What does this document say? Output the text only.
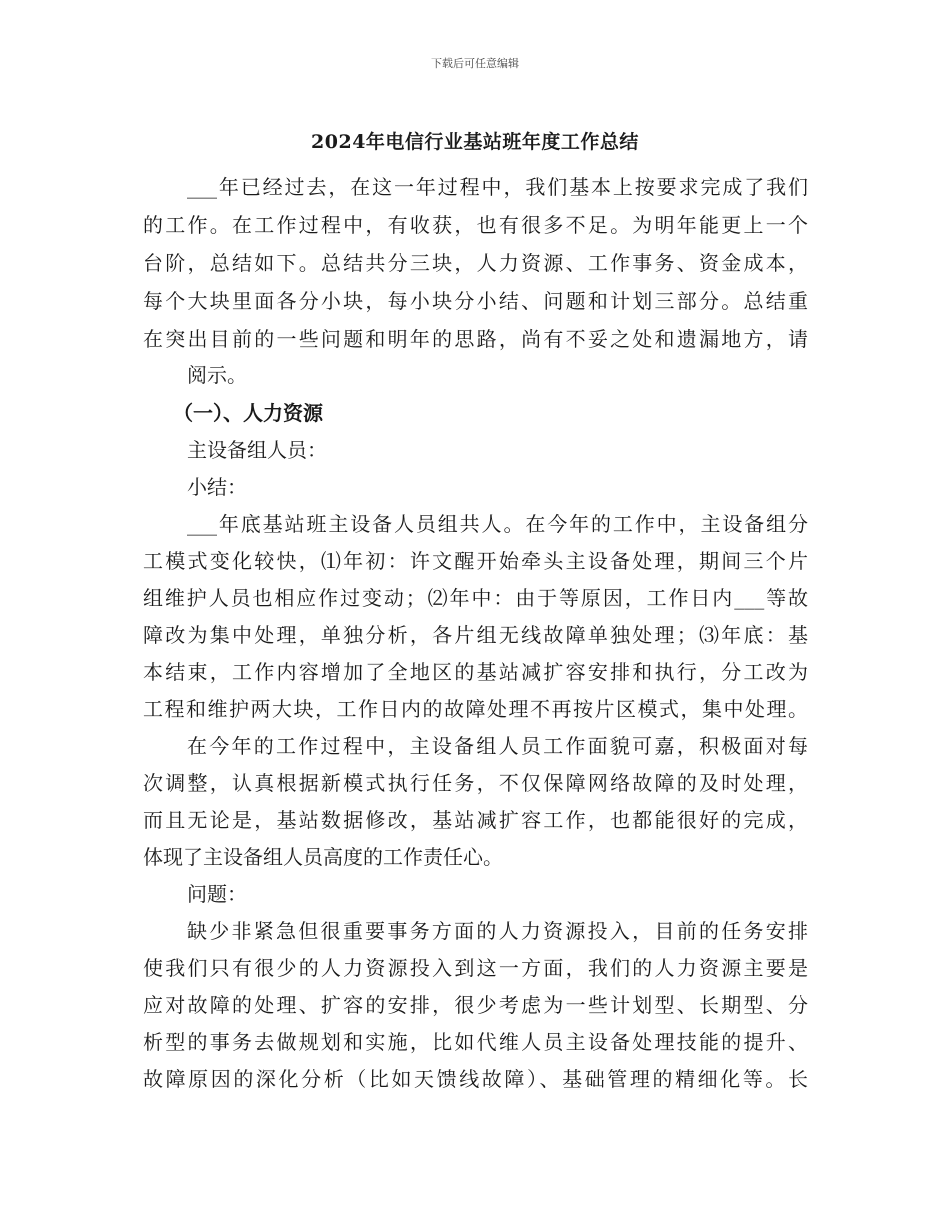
下载后可任意编辑
2024年电信行业基站班年度工作总结
___年已经过去，在这一年过程中，我们基本上按要求完成了我们
的工作。在工作过程中，有收获，也有很多不足。为明年能更上一个
台阶，总结如下。总结共分三块，人力资源、工作事务、资金成本，
每个大块里面各分小块，每小块分小结、问题和计划三部分。总结重
在突出目前的一些问题和明年的思路，尚有不妥之处和遗漏地方，请
阅示。
（一）、人力资源
主设备组人员：
小结：
___年底基站班主设备人员组共人。在今年的工作中，主设备组分
工模式变化较快，⑴年初：许文醒开始牵头主设备处理，期间三个片
组维护人员也相应作过变动；⑵年中：由于等原因，工作日内___等故
障改为集中处理，单独分析，各片组无线故障单独处理；⑶年底：基
本结束，工作内容增加了全地区的基站减扩容安排和执行，分工改为
工程和维护两大块，工作日内的故障处理不再按片区模式，集中处理。
在今年的工作过程中，主设备组人员工作面貌可嘉，积极面对每
次调整，认真根据新模式执行任务，不仅保障网络故障的及时处理，
而且无论是，基站数据修改，基站减扩容工作，也都能很好的完成，
体现了主设备组人员高度的工作责任心。
问题：
缺少非紧急但很重要事务方面的人力资源投入，目前的任务安排
使我们只有很少的人力资源投入到这一方面，我们的人力资源主要是
应对故障的处理、扩容的安排，很少考虑为一些计划型、长期型、分
析型的事务去做规划和实施，比如代维人员主设备处理技能的提升、
故障原因的深化分析（比如天馈线故障）、基础管理的精细化等。长
